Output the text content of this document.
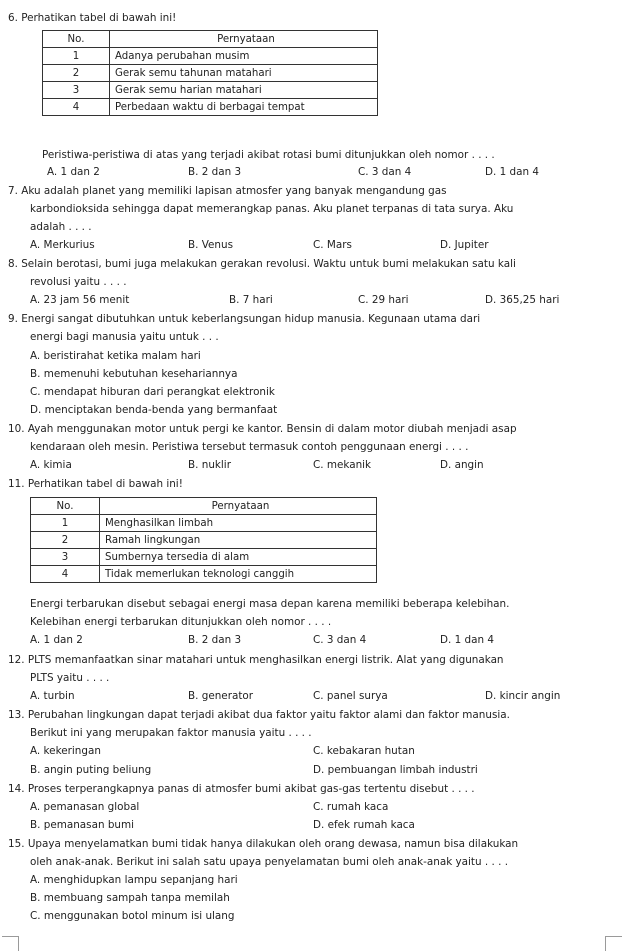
6. Perhatikan tabel di bawah ini!
No.	Pernyataan
1	Adanya perubahan musim
2	Gerak semu tahunan matahari
3	Gerak semu harian matahari
4	Perbedaan waktu di berbagai tempat
Peristiwa-peristiwa di atas yang terjadi akibat rotasi bumi ditunjukkan oleh nomor . . . .
A. 1 dan 2	B. 2 dan 3	C. 3 dan 4	D. 1 dan 4
7. Aku adalah planet yang memiliki lapisan atmosfer yang banyak mengandung gas
karbondioksida sehingga dapat memerangkap panas. Aku planet terpanas di tata surya. Aku
adalah . . . .
A. Merkurius	B. Venus	C. Mars	D. Jupiter
8. Selain berotasi, bumi juga melakukan gerakan revolusi. Waktu untuk bumi melakukan satu kali
revolusi yaitu . . . .
A. 23 jam 56 menit	B. 7 hari	C. 29 hari	D. 365,25 hari
9. Energi sangat dibutuhkan untuk keberlangsungan hidup manusia. Kegunaan utama dari
energi bagi manusia yaitu untuk . . .
A. beristirahat ketika malam hari
B. memenuhi kebutuhan kesehariannya
C. mendapat hiburan dari perangkat elektronik
D. menciptakan benda-benda yang bermanfaat
10. Ayah menggunakan motor untuk pergi ke kantor. Bensin di dalam motor diubah menjadi asap
kendaraan oleh mesin. Peristiwa tersebut termasuk contoh penggunaan energi . . . .
A. kimia	B. nuklir	C. mekanik	D. angin
11. Perhatikan tabel di bawah ini!
No.	Pernyataan
1	Menghasilkan limbah
2	Ramah lingkungan
3	Sumbernya tersedia di alam
4	Tidak memerlukan teknologi canggih
Energi terbarukan disebut sebagai energi masa depan karena memiliki beberapa kelebihan.
Kelebihan energi terbarukan ditunjukkan oleh nomor . . . .
A. 1 dan 2	B. 2 dan 3	C. 3 dan 4	D. 1 dan 4
12. PLTS memanfaatkan sinar matahari untuk menghasilkan energi listrik. Alat yang digunakan
PLTS yaitu . . . .
A. turbin	B. generator	C. panel surya	D. kincir angin
13. Perubahan lingkungan dapat terjadi akibat dua faktor yaitu faktor alami dan faktor manusia.
Berikut ini yang merupakan faktor manusia yaitu . . . .
A. kekeringan	C. kebakaran hutan
B. angin puting beliung	D. pembuangan limbah industri
14. Proses terperangkapnya panas di atmosfer bumi akibat gas-gas tertentu disebut . . . .
A. pemanasan global	C. rumah kaca
B. pemanasan bumi	D. efek rumah kaca
15. Upaya menyelamatkan bumi tidak hanya dilakukan oleh orang dewasa, namun bisa dilakukan
oleh anak-anak. Berikut ini salah satu upaya penyelamatan bumi oleh anak-anak yaitu . . . .
A. menghidupkan lampu sepanjang hari
B. membuang sampah tanpa memilah
C. menggunakan botol minum isi ulang
